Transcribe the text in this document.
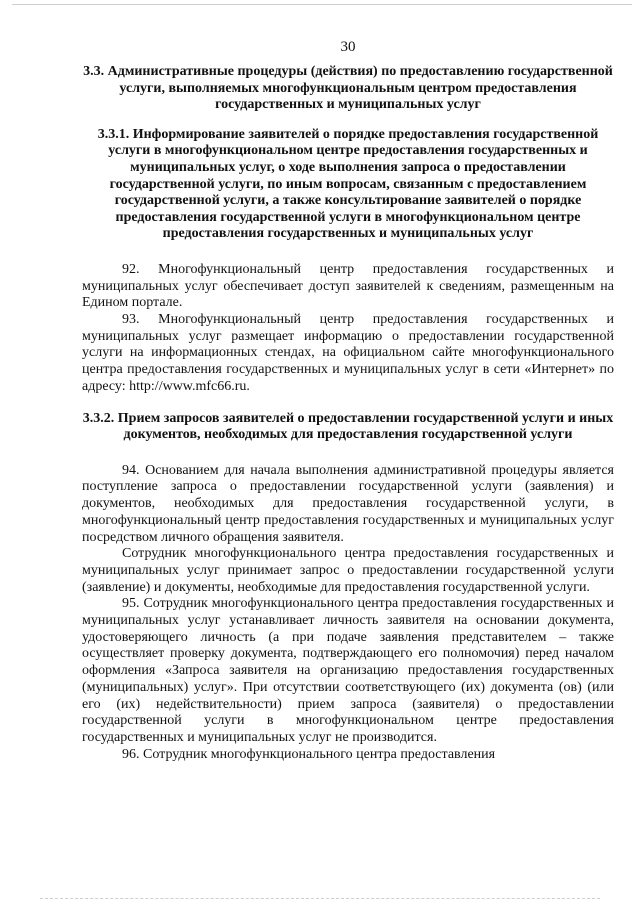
30
3.3. Административные процедуры (действия) по предоставлению государственной услуги, выполняемых многофункциональным центром предоставления государственных и муниципальных услуг
3.3.1. Информирование заявителей о порядке предоставления государственной услуги в многофункциональном центре предоставления государственных и муниципальных услуг, о ходе выполнения запроса о предоставлении государственной услуги, по иным вопросам, связанным с предоставлением государственной услуги, а также консультирование заявителей о порядке предоставления государственной услуги в многофункциональном центре предоставления государственных и муниципальных услуг

92. Многофункциональный центр предоставления государственных и муниципальных услуг обеспечивает доступ заявителей к сведениям, размещенным на Едином портале.

93. Многофункциональный центр предоставления государственных и муниципальных услуг размещает информацию о предоставлении государственной услуги на информационных стендах, на официальном сайте многофункционального центра предоставления государственных и муниципальных услуг в сети «Интернет» по адресу: http://www.mfc66.ru.

3.3.2. Прием запросов заявителей о предоставлении государственной услуги и иных документов, необходимых для предоставления государственной услуги

94. Основанием для начала выполнения административной процедуры является поступление запроса о предоставлении государственной услуги (заявления) и документов, необходимых для предоставления государственной услуги, в многофункциональный центр предоставления государственных и муниципальных услуг посредством личного обращения заявителя.

Сотрудник многофункционального центра предоставления государственных и муниципальных услуг принимает запрос о предоставлении государственной услуги (заявление) и документы, необходимые для предоставления государственной услуги.

95. Сотрудник многофункционального центра предоставления государственных и муниципальных услуг устанавливает личность заявителя на основании документа, удостоверяющего личность (а при подаче заявления представителем – также осуществляет проверку документа, подтверждающего его полномочия) перед началом оформления «Запроса заявителя на организацию предоставления государственных (муниципальных) услуг». При отсутствии соответствующего (их) документа (ов) (или его (их) недействительности) прием запроса (заявителя) о предоставлении государственной услуги в многофункциональном центре предоставления государственных и муниципальных услуг не производится.

96. Сотрудник многофункционального центра предоставления
